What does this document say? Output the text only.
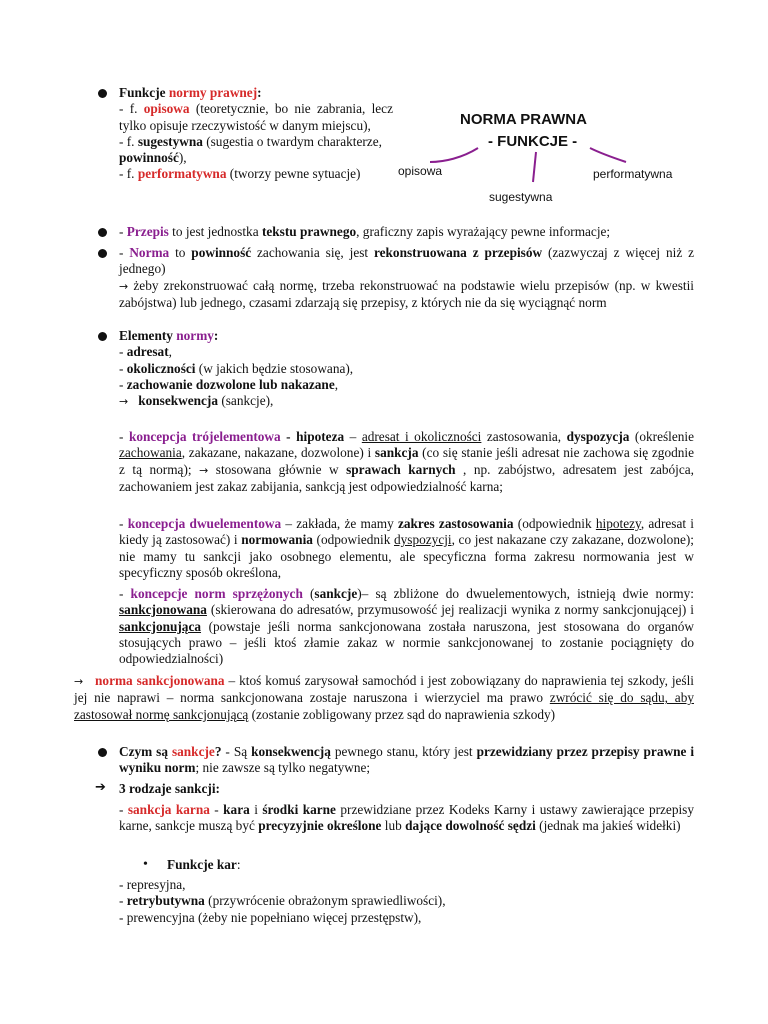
Funkcje normy prawnej:
- f. opisowa (teoretycznie, bo nie zabrania, lecz tylko opisuje rzeczywistość w danym miejscu),
- f. sugestywna (sugestia o twardym charakterze, powinność),
- f. performatywna (tworzy pewne sytuacje)
NORMA PRAWNA
- FUNKCJE -
opisowa
sugestywna
performatywna
- Przepis to jest jednostka tekstu prawnego, graficzny zapis wyrażający pewne informacje;
- Norma to powinność zachowania się, jest rekonstruowana z przepisów (zazwyczaj z więcej niż z jednego)
→ żeby zrekonstruować całą normę, trzeba rekonstruować na podstawie wielu przepisów (np. w kwestii zabójstwa) lub jednego, czasami zdarzają się przepisy, z których nie da się wyciągnąć norm
Elementy normy:
- adresat,
- okoliczności (w jakich będzie stosowana),
- zachowanie dozwolone lub nakazane,
→ konsekwencja (sankcje),
- koncepcja trójelementowa - hipoteza – adresat i okoliczności zastosowania, dyspozycja (określenie zachowania, zakazane, nakazane, dozwolone) i sankcja (co się stanie jeśli adresat nie zachowa się zgodnie z tą normą); → stosowana głównie w sprawach karnych , np. zabójstwo, adresatem jest zabójca, zachowaniem jest zakaz zabijania, sankcją jest odpowiedzialność karna;
- koncepcja dwuelementowa – zakłada, że mamy zakres zastosowania (odpowiednik hipotezy, adresat i kiedy ją zastosować) i normowania (odpowiednik dyspozycji, co jest nakazane czy zakazane, dozwolone); nie mamy tu sankcji jako osobnego elementu, ale specyficzna forma zakresu normowania jest w specyficzny sposób określona,
- koncepcje norm sprzężonych (sankcje)– są zbliżone do dwuelementowych, istnieją dwie normy: sankcjonowana (skierowana do adresatów, przymusowość jej realizacji wynika z normy sankcjonującej) i sankcjonująca (powstaje jeśli norma sankcjonowana została naruszona, jest stosowana do organów stosujących prawo – jeśli ktoś złamie zakaz w normie sankcjonowanej to zostanie pociągnięty do odpowiedzialności)
→ norma sankcjonowana – ktoś komuś zarysował samochód i jest zobowiązany do naprawienia tej szkody, jeśli jej nie naprawi – norma sankcjonowana zostaje naruszona i wierzyciel ma prawo zwrócić się do sądu, aby zastosował normę sankcjonującą (zostanie zobligowany przez sąd do naprawienia szkody)
Czym są sankcje? - Są konsekwencją pewnego stanu, który jest przewidziany przez przepisy prawne i wyniku norm; nie zawsze są tylko negatywne;
➔ 3 rodzaje sankcji:
- sankcja karna - kara i środki karne przewidziane przez Kodeks Karny i ustawy zawierające przepisy karne, sankcje muszą być precyzyjnie określone lub dające dowolność sędzi (jednak ma jakieś widełki)
• Funkcje kar:
- represyjna,
- retrybutywna (przywrócenie obrażonym sprawiedliwości),
- prewencyjna (żeby nie popełniano więcej przestępstw),
